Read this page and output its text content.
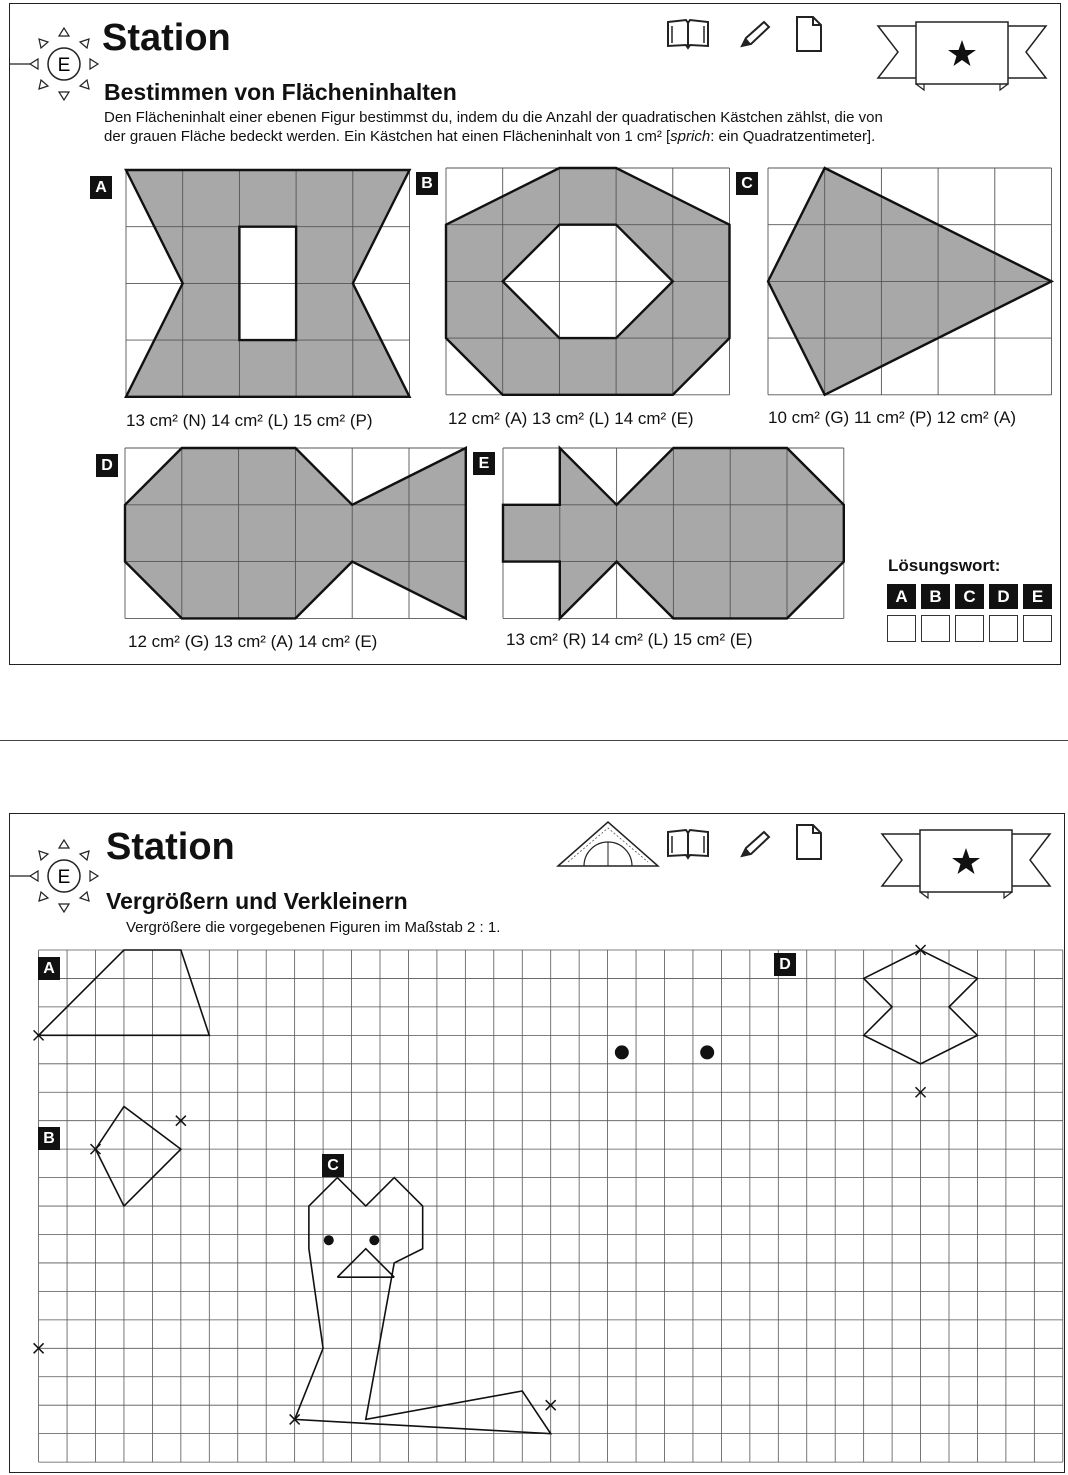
E
Station
Bestimmen von Flächeninhalten
Den Flächeninhalt einer ebenen Figur bestimmst du, indem du die Anzahl der quadratischen Kästchen zählst, die von
der grauen Fläche bedeckt werden. Ein Kästchen hat einen Flächeninhalt von 1 cm² [sprich: ein Quadratzentimeter].
A	B	C
D	E
13 cm² (N) 14 cm² (L) 15 cm² (P)	12 cm² (A) 13 cm² (L) 14 cm² (E)	10 cm² (G) 11 cm² (P) 12 cm² (A)
12 cm² (G) 13 cm² (A) 14 cm² (E)	13 cm² (R) 14 cm² (L) 15 cm² (E)
Lösungswort:
A	B	C	D	E
E
Station
Vergrößern und Verkleinern
Vergrößere die vorgegebenen Figuren im Maßstab 2 : 1.
A
B
C
D
